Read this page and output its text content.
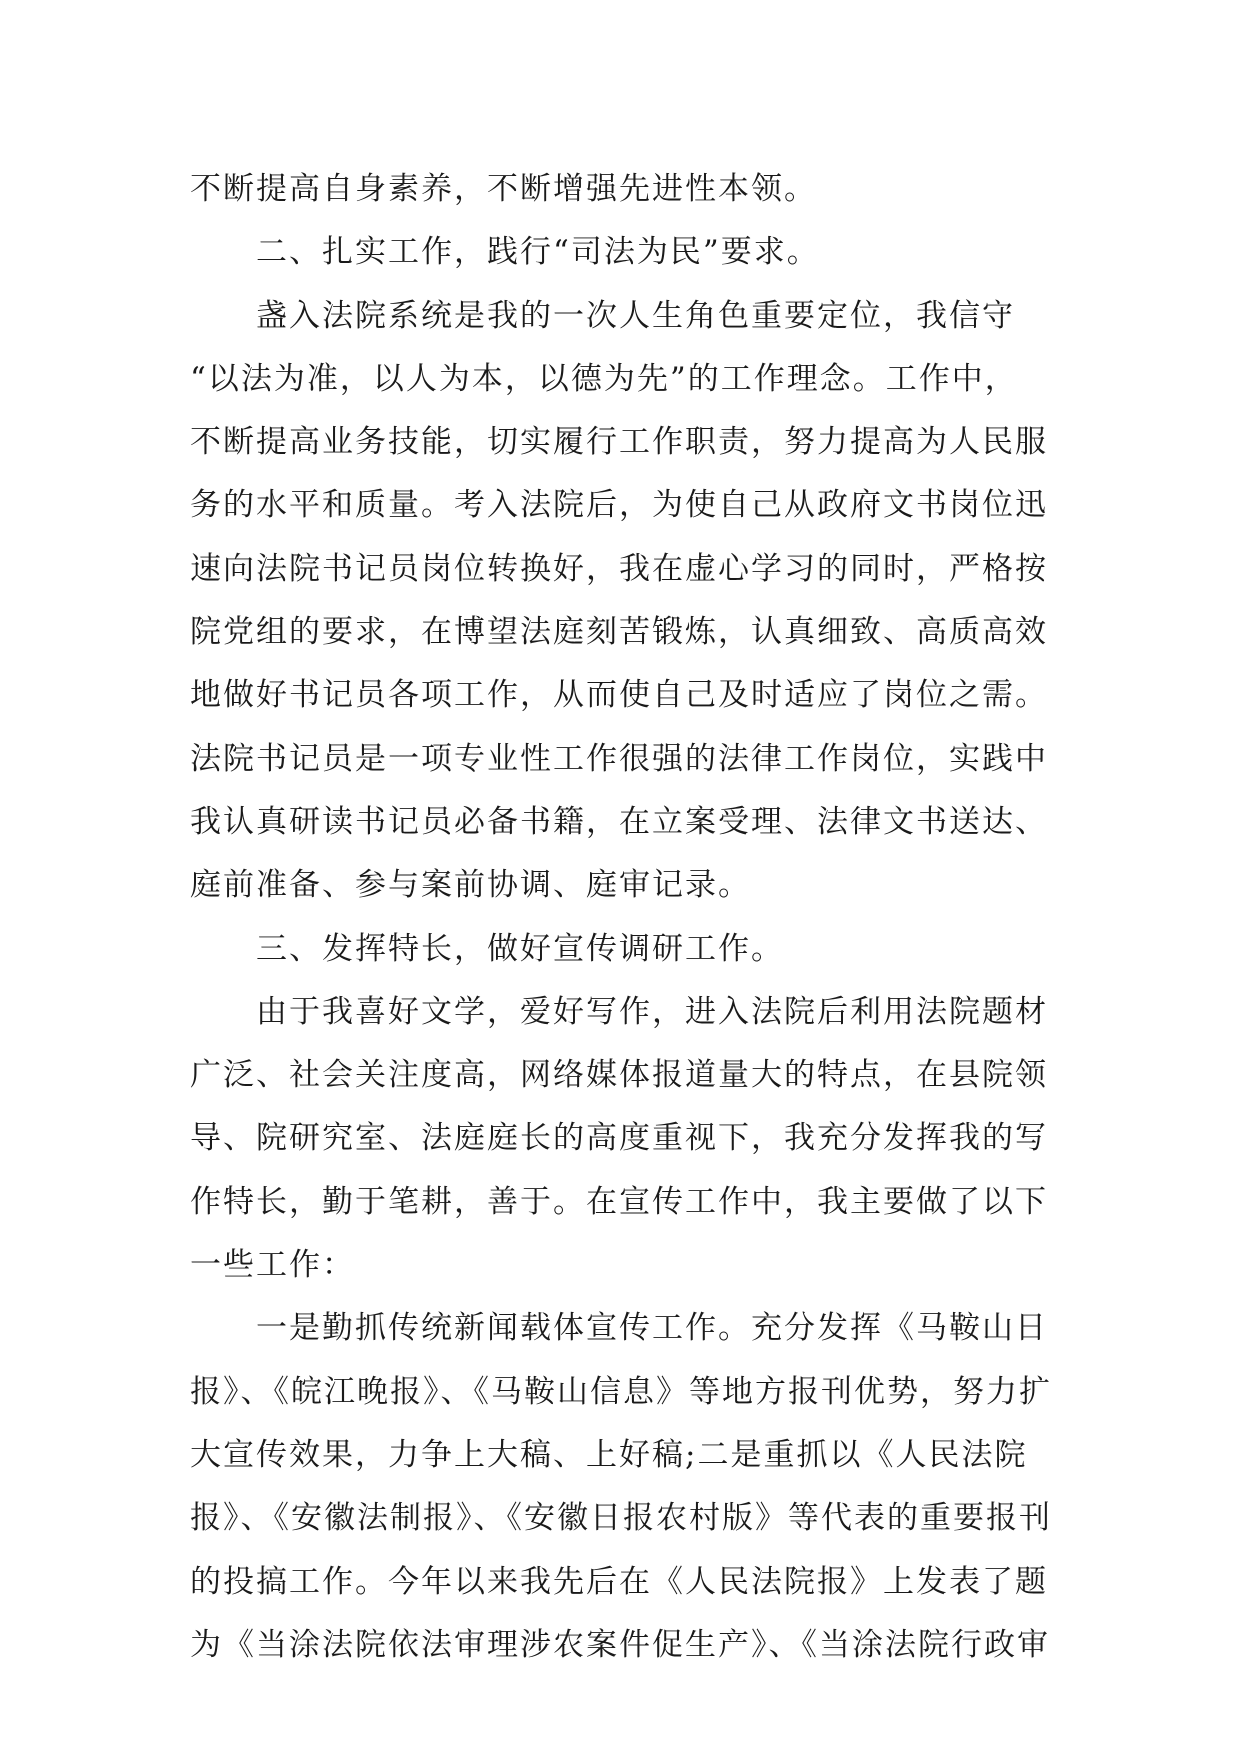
不断提高自身素养，不断增强先进性本领。
二、扎实工作，践行“司法为民”要求。
盏入法院系统是我的一次人生角色重要定位，我信守
“以法为准，以人为本，以德为先”的工作理念。工作中，
不断提高业务技能，切实履行工作职责，努力提高为人民服
务的水平和质量。考入法院后，为使自己从政府文书岗位迅
速向法院书记员岗位转换好，我在虚心学习的同时，严格按
院党组的要求，在博望法庭刻苦锻炼，认真细致、高质高效
地做好书记员各项工作，从而使自己及时适应了岗位之需。
法院书记员是一项专业性工作很强的法律工作岗位，实践中
我认真研读书记员必备书籍，在立案受理、法律文书送达、
庭前准备、参与案前协调、庭审记录。
三、发挥特长，做好宣传调研工作。
由于我喜好文学，爱好写作，进入法院后利用法院题材
广泛、社会关注度高，网络媒体报道量大的特点，在县院领
导、院研究室、法庭庭长的高度重视下，我充分发挥我的写
作特长，勤于笔耕，善于。在宣传工作中，我主要做了以下
一些工作：
一是勤抓传统新闻载体宣传工作。充分发挥《马鞍山日
报》、《皖江晚报》、《马鞍山信息》等地方报刊优势，努力扩
大宣传效果，力争上大稿、上好稿;二是重抓以《人民法院
报》、《安徽法制报》、《安徽日报农村版》等代表的重要报刊
的投搞工作。今年以来我先后在《人民法院报》上发表了题
为《当涂法院依法审理涉农案件促生产》、《当涂法院行政审
